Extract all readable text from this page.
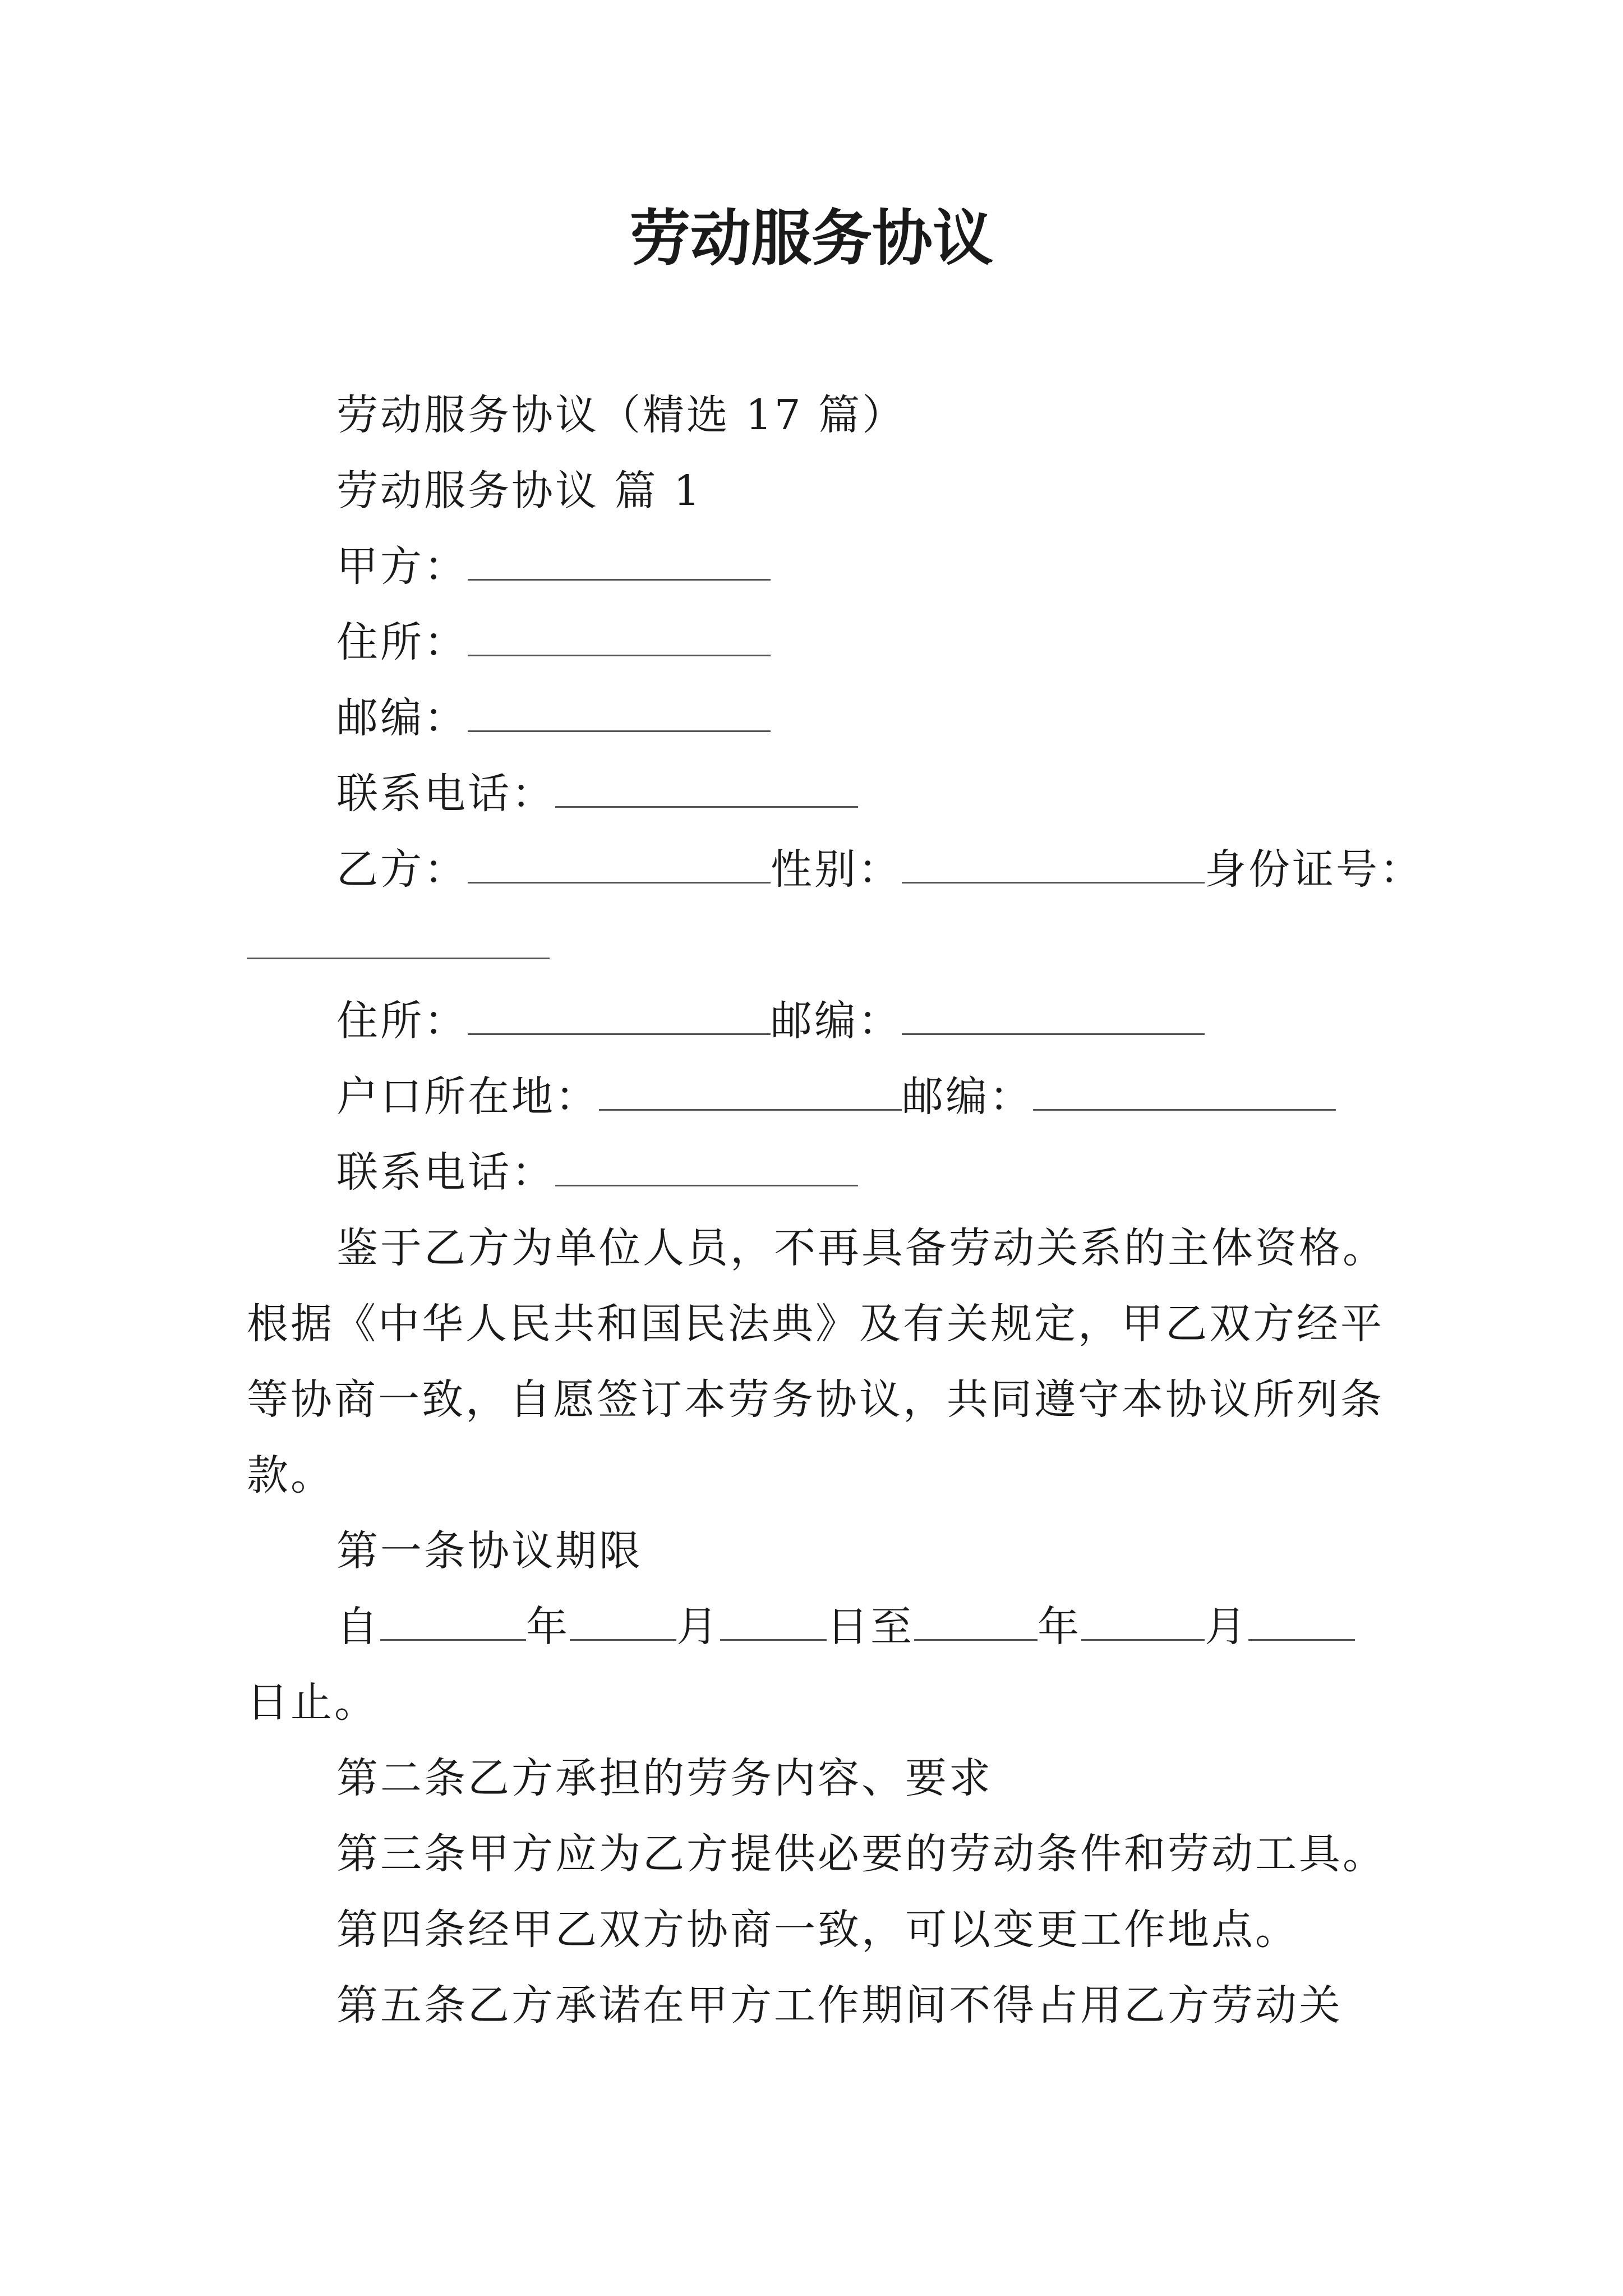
劳动服务协议
劳动服务协议（精选 17 篇）
劳动服务协议 篇 1
甲方：
住所：
邮编：
联系电话：
乙方：	性别：	身份证号：
住所：	邮编：
户口所在地：	邮编：
联系电话：
鉴于乙方为单位人员，不再具备劳动关系的主体资格。
根据《中华人民共和国民法典》及有关规定，甲乙双方经平
等协商一致，自愿签订本劳务协议，共同遵守本协议所列条
款。
第一条协议期限
自	年	月	日至	年	月
日止。
第二条乙方承担的劳务内容、要求
第三条甲方应为乙方提供必要的劳动条件和劳动工具。
第四条经甲乙双方协商一致，可以变更工作地点。
第五条乙方承诺在甲方工作期间不得占用乙方劳动关
